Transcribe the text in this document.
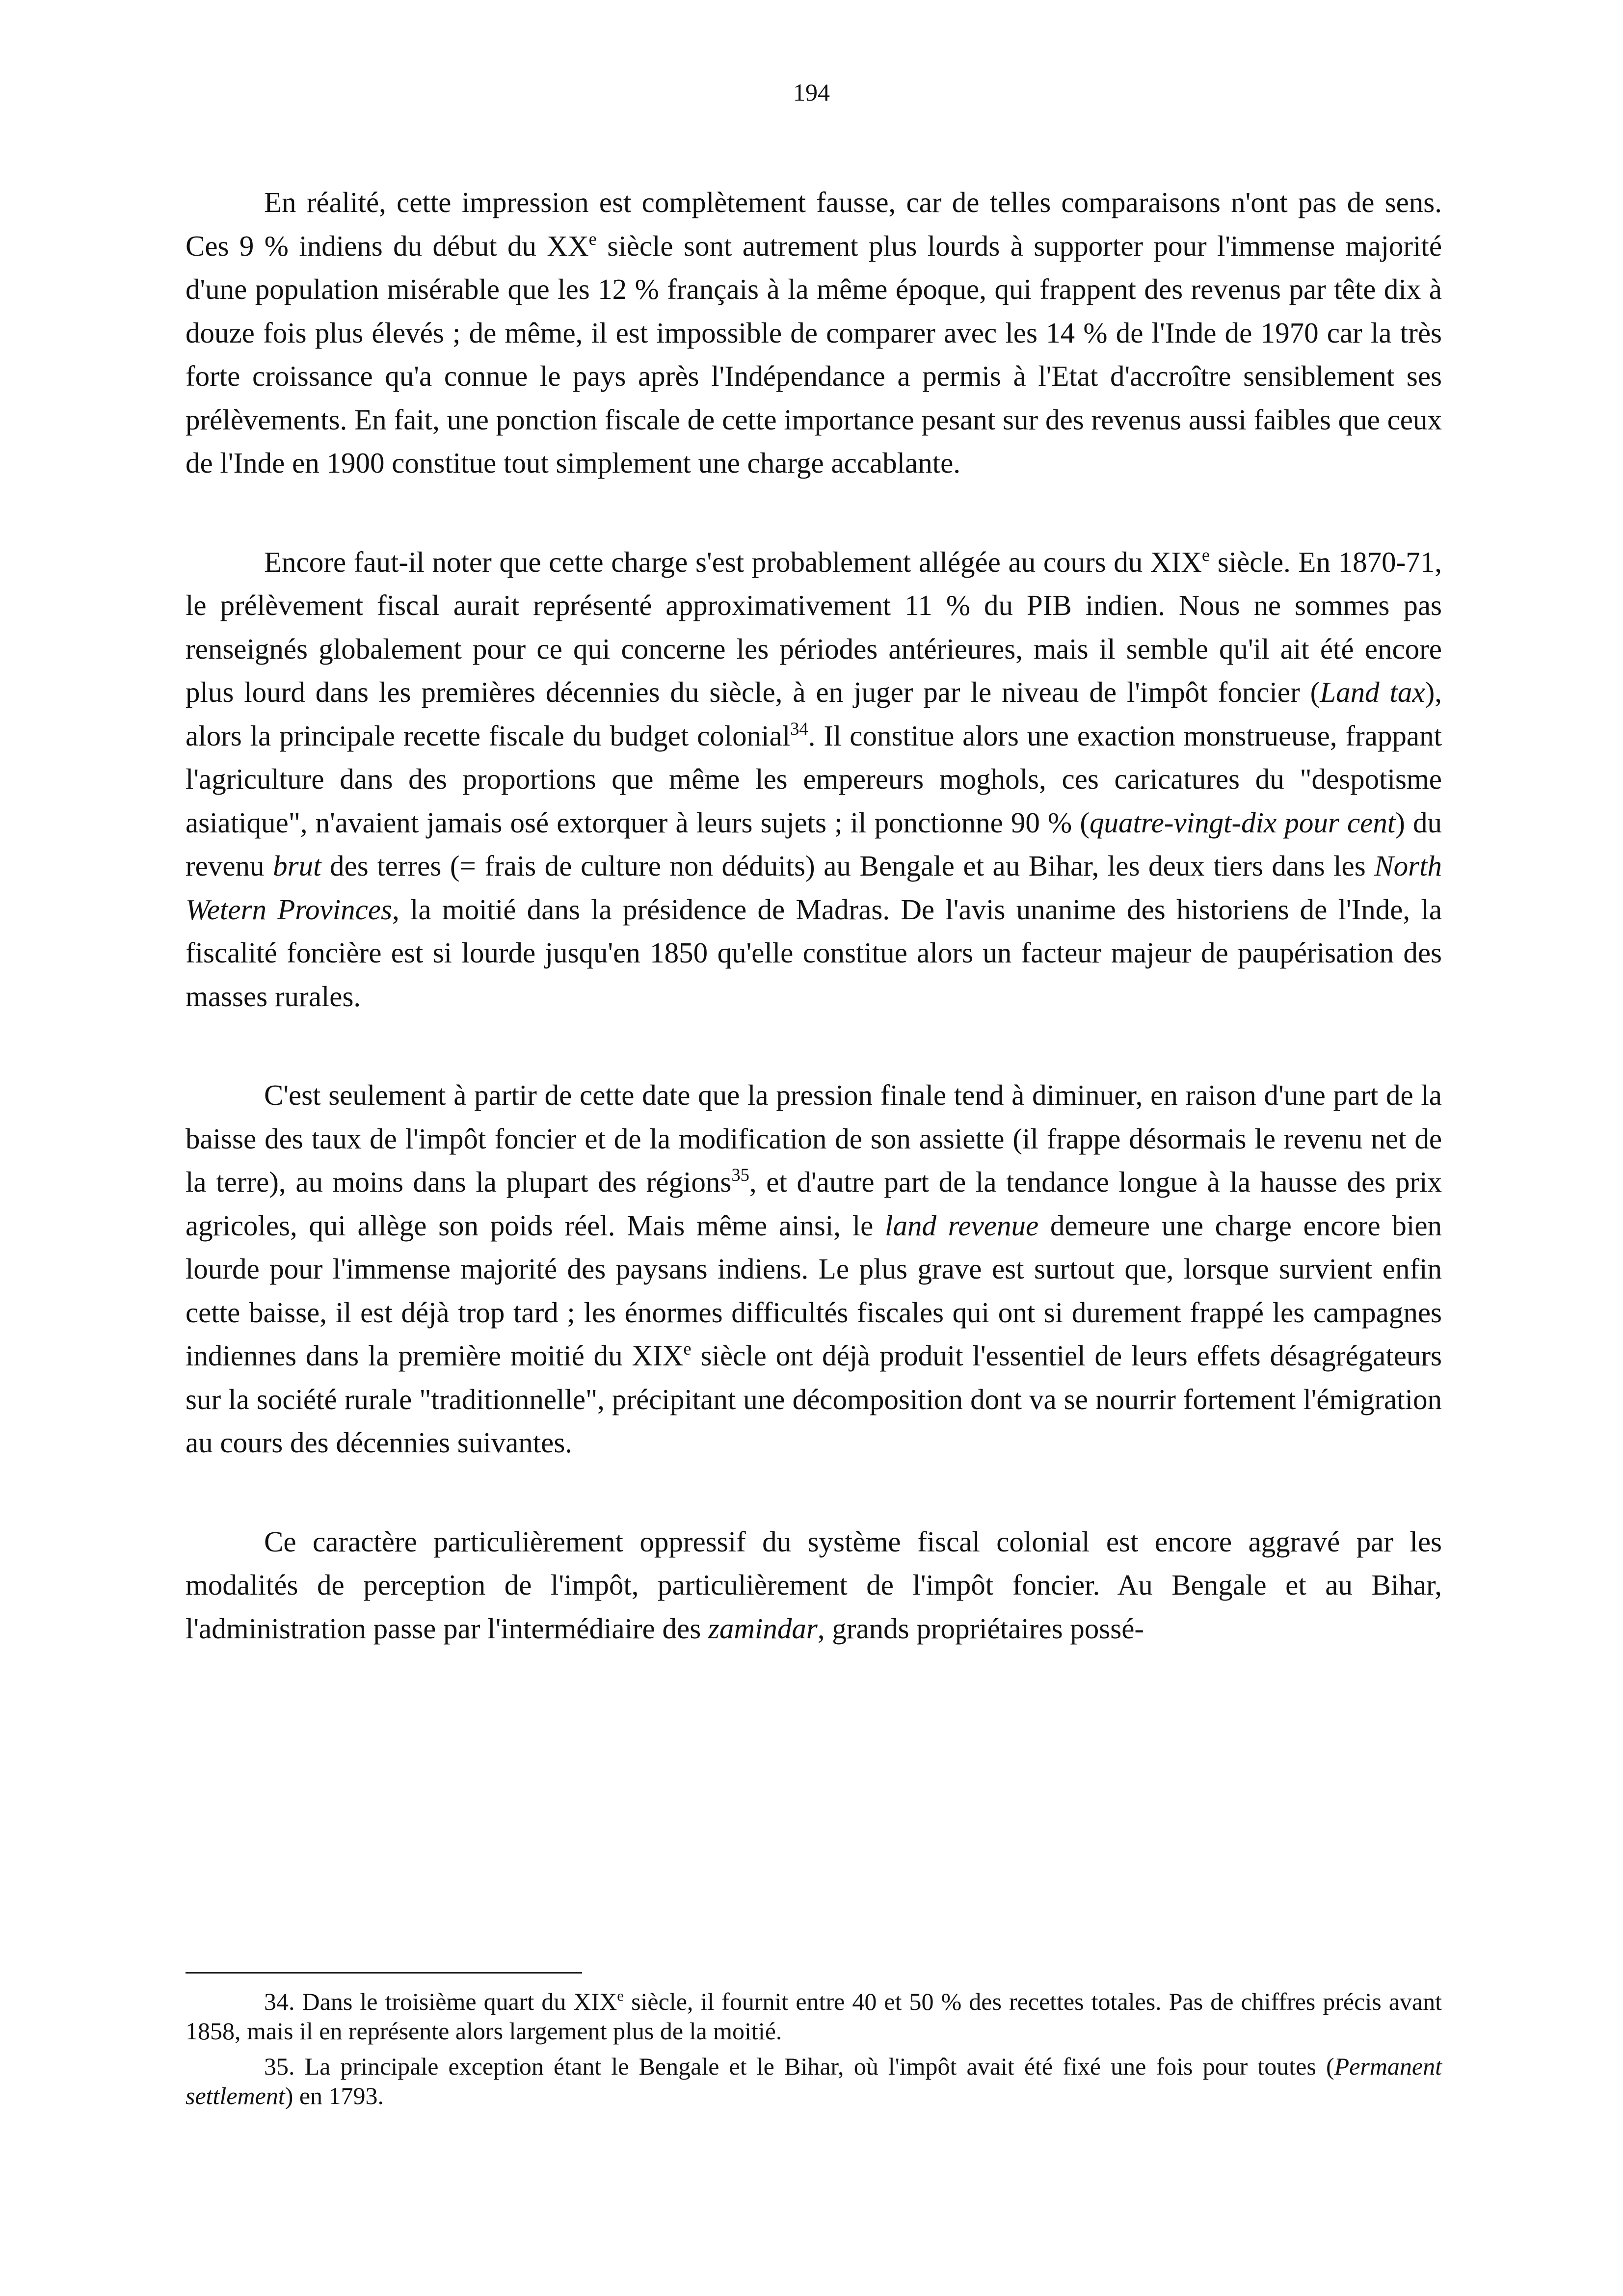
194

En réalité, cette impression est complètement fausse, car de telles comparaisons n'ont pas de sens. Ces 9 % indiens du début du XXe siècle sont autrement plus lourds à supporter pour l'immense majorité d'une population misérable que les 12 % français à la même époque, qui frappent des revenus par tête dix à douze fois plus élevés ; de même, il est impossible de comparer avec les 14 % de l'Inde de 1970 car la très forte croissance qu'a connue le pays après l'Indépendance a permis à l'Etat d'accroître sensiblement ses prélèvements. En fait, une ponction fiscale de cette importance pesant sur des revenus aussi faibles que ceux de l'Inde en 1900 constitue tout simplement une charge accablante.

Encore faut-il noter que cette charge s'est probablement allégée au cours du XIXe siècle. En 1870-71, le prélèvement fiscal aurait représenté approximativement 11 % du PIB indien. Nous ne sommes pas renseignés globalement pour ce qui concerne les périodes antérieures, mais il semble qu'il ait été encore plus lourd dans les premières décennies du siècle, à en juger par le niveau de l'impôt foncier (Land tax), alors la principale recette fiscale du budget colonial$^{34}$. Il constitue alors une exaction monstrueuse, frappant l'agriculture dans des proportions que même les empereurs moghols, ces caricatures du "despotisme asiatique", n'avaient jamais osé extorquer à leurs sujets ; il ponctionne 90 % (quatre-vingt-dix pour cent) du revenu brut des terres (= frais de culture non déduits) au Bengale et au Bihar, les deux tiers dans les North Wetern Provinces, la moitié dans la présidence de Madras. De l'avis unanime des historiens de l'Inde, la fiscalité foncière est si lourde jusqu'en 1850 qu'elle constitue alors un facteur majeur de paupérisation des masses rurales.

C'est seulement à partir de cette date que la pression finale tend à diminuer, en raison d'une part de la baisse des taux de l'impôt foncier et de la modification de son assiette (il frappe désormais le revenu net de la terre), au moins dans la plupart des régions$^{35}$, et d'autre part de la tendance longue à la hausse des prix agricoles, qui allège son poids réel. Mais même ainsi, le land revenue demeure une charge encore bien lourde pour l'immense majorité des paysans indiens. Le plus grave est surtout que, lorsque survient enfin cette baisse, il est déjà trop tard ; les énormes difficultés fiscales qui ont si durement frappé les campagnes indiennes dans la première moitié du XIXe siècle ont déjà produit l'essentiel de leurs effets désagrégateurs sur la société rurale "traditionnelle", précipitant une décomposition dont va se nourrir fortement l'émigration au cours des décennies suivantes.

Ce caractère particulièrement oppressif du système fiscal colonial est encore aggravé par les modalités de perception de l'impôt, particulièrement de l'impôt foncier. Au Bengale et au Bihar, l'administration passe par l'intermédiaire des zamindar, grands propriétaires possé-

34. Dans le troisième quart du XIXe siècle, il fournit entre 40 et 50 % des recettes totales. Pas de chiffres précis avant 1858, mais il en représente alors largement plus de la moitié.

35. La principale exception étant le Bengale et le Bihar, où l'impôt avait été fixé une fois pour toutes (Permanent settlement) en 1793.
